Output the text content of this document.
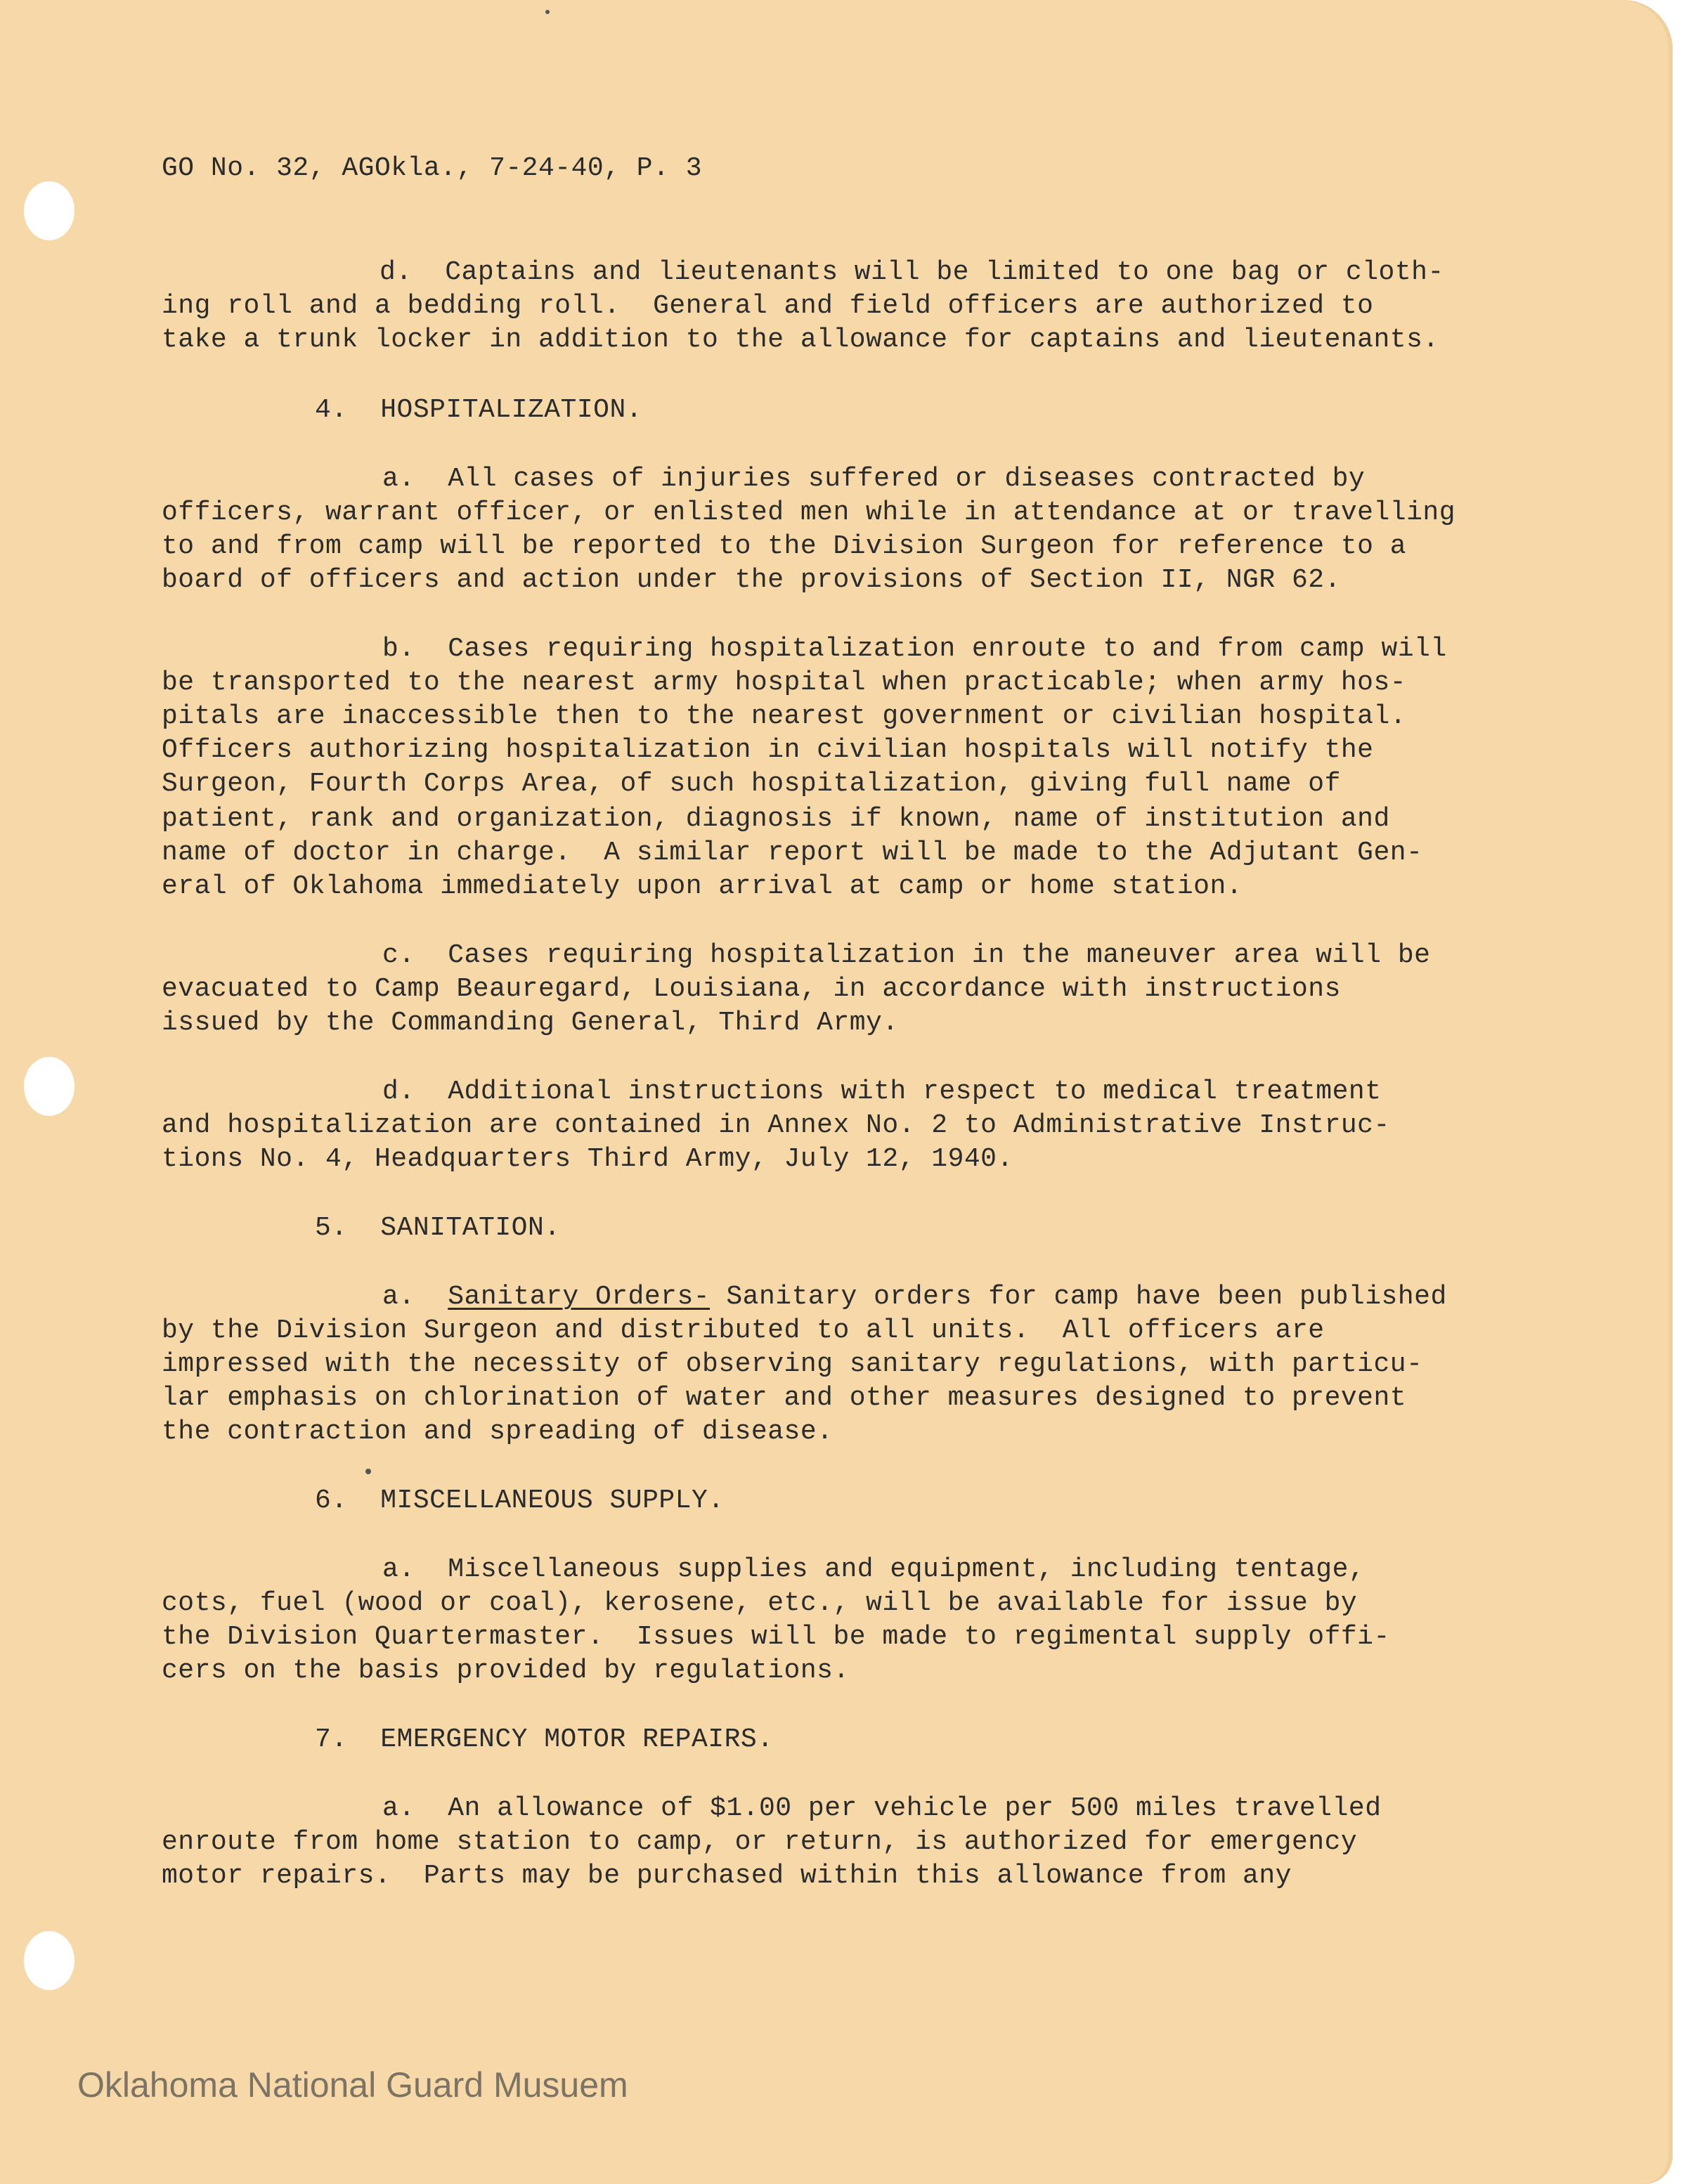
GO No. 32, AGOkla., 7-24-40, P. 3

d.  Captains and lieutenants will be limited to one bag or cloth-

ing roll and a bedding roll.  General and field officers are authorized to

take a trunk locker in addition to the allowance for captains and lieutenants.

4.  HOSPITALIZATION.

a.  All cases of injuries suffered or diseases contracted by

officers, warrant officer, or enlisted men while in attendance at or travelling

to and from camp will be reported to the Division Surgeon for reference to a

board of officers and action under the provisions of Section II, NGR 62.

b.  Cases requiring hospitalization enroute to and from camp will

be transported to the nearest army hospital when practicable; when army hos-

pitals are inaccessible then to the nearest government or civilian hospital.

Officers authorizing hospitalization in civilian hospitals will notify the

Surgeon, Fourth Corps Area, of such hospitalization, giving full name of

patient, rank and organization, diagnosis if known, name of institution and

name of doctor in charge.  A similar report will be made to the Adjutant Gen-

eral of Oklahoma immediately upon arrival at camp or home station.

c.  Cases requiring hospitalization in the maneuver area will be

evacuated to Camp Beauregard, Louisiana, in accordance with instructions

issued by the Commanding General, Third Army.

d.  Additional instructions with respect to medical treatment

and hospitalization are contained in Annex No. 2 to Administrative Instruc-

tions No. 4, Headquarters Third Army, July 12, 1940.

5.  SANITATION.

a.  Sanitary Orders- Sanitary orders for camp have been published

by the Division Surgeon and distributed to all units.  All officers are

impressed with the necessity of observing sanitary regulations, with particu-

lar emphasis on chlorination of water and other measures designed to prevent

the contraction and spreading of disease.

6.  MISCELLANEOUS SUPPLY.

a.  Miscellaneous supplies and equipment, including tentage,

cots, fuel (wood or coal), kerosene, etc., will be available for issue by

the Division Quartermaster.  Issues will be made to regimental supply offi-

cers on the basis provided by regulations.

7.  EMERGENCY MOTOR REPAIRS.

a.  An allowance of $1.00 per vehicle per 500 miles travelled

enroute from home station to camp, or return, is authorized for emergency

motor repairs.  Parts may be purchased within this allowance from any

Oklahoma National Guard Musuem
